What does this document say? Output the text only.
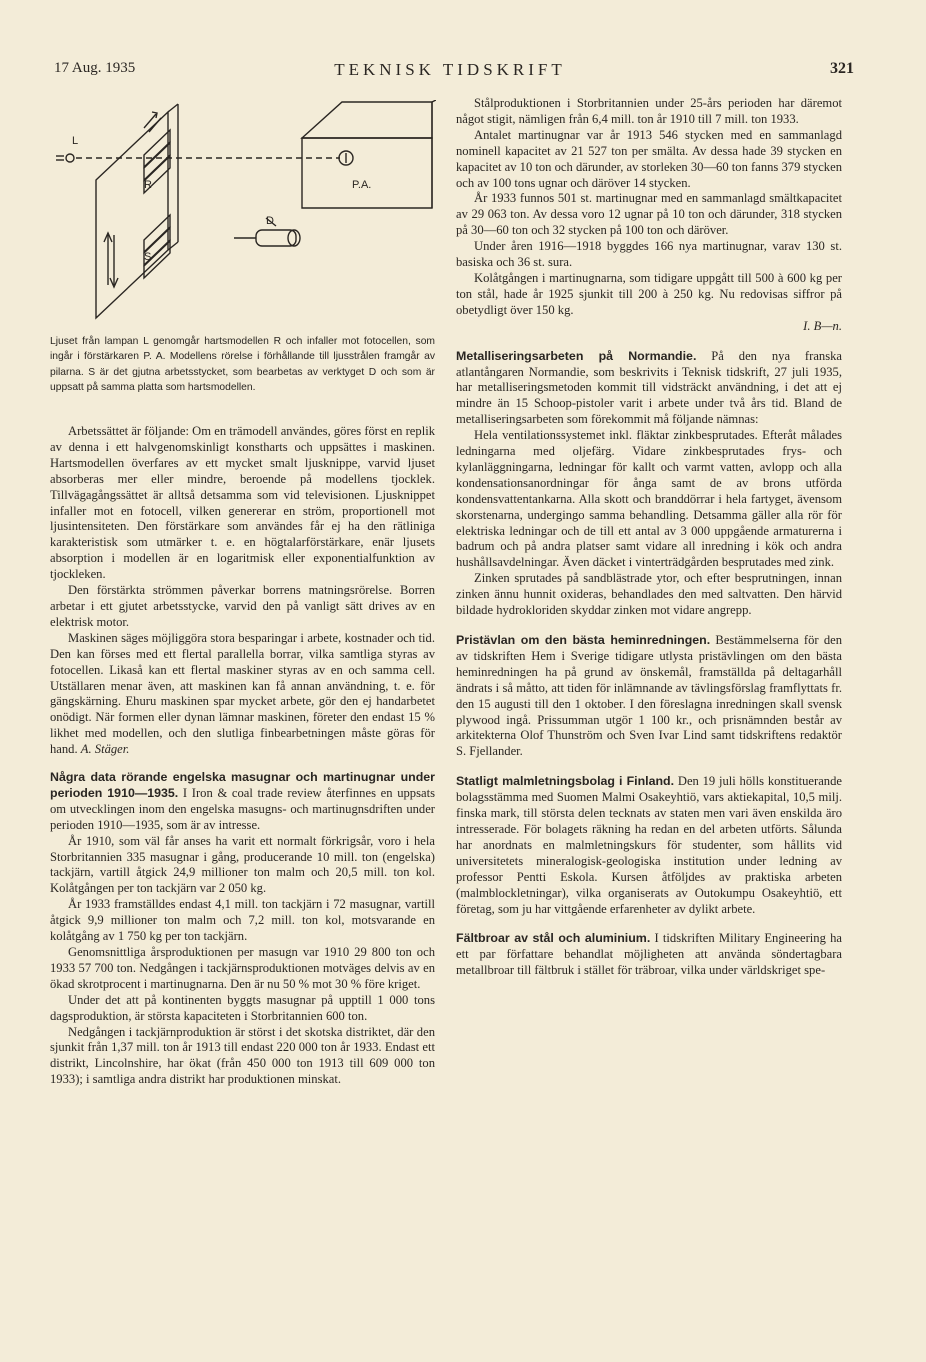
17 Aug. 1935	TEKNISK TIDSKRIFT	321
L
R
S
D
P.A.

Ljuset från lampan L genomgår hartsmodellen R och infaller mot fotocellen, som ingår i förstärkaren P. A. Modellens rörelse i förhållande till ljusstrålen framgår av pilarna. S är det gjutna arbetsstycket, som bearbetas av verktyget D och som är uppsatt på samma platta som hartsmodellen.

Arbetssättet är följande: Om en trämodell användes, göres först en replik av denna i ett halvgenomskinligt konstharts och uppsättes i maskinen. Hartsmodellen överfares av ett mycket smalt ljusknippe, varvid ljuset absorberas mer eller mindre, beroende på modellens tjocklek. Tillvägagångssättet är alltså detsamma som vid televisionen. Ljusknippet infaller mot en fotocell, vilken genererar en ström, proportionell mot ljusintensiteten. Den förstärkare som användes får ej ha den rätliniga karakteristisk som utmärker t. e. en högtalarförstärkare, enär ljusets absorption i modellen är en logaritmisk eller exponentialfunktion av tjockleken.

Den förstärkta strömmen påverkar borrens matningsrörelse. Borren arbetar i ett gjutet arbetsstycke, varvid den på vanligt sätt drives av en elektrisk motor.

Maskinen säges möjliggöra stora besparingar i arbete, kostnader och tid. Den kan förses med ett flertal parallella borrar, vilka samtliga styras av fotocellen. Likaså kan ett flertal maskiner styras av en och samma cell. Utställaren menar även, att maskinen kan få annan användning, t. e. för gängskärning. Ehuru maskinen spar mycket arbete, gör den ej handarbetet onödigt. När formen eller dynan lämnar maskinen, företer den endast 15 % likhet med modellen, och den slutliga finbearbetningen måste göras för hand. A. Stäger.

Några data rörande engelska masugnar och martinugnar under perioden 1910—1935. I Iron & coal trade review återfinnes en uppsats om utvecklingen inom den engelska masugns- och martinugnsdriften under perioden 1910—1935, som är av intresse.

År 1910, som väl får anses ha varit ett normalt förkrigsår, voro i hela Storbritannien 335 masugnar i gång, producerande 10 mill. ton (engelska) tackjärn, vartill åtgick 24,9 millioner ton malm och 20,5 mill. ton kol. Kolåtgången per ton tackjärn var 2 050 kg.

År 1933 framställdes endast 4,1 mill. ton tackjärn i 72 masugnar, vartill åtgick 9,9 millioner ton malm och 7,2 mill. ton kol, motsvarande en kolåtgång av 1 750 kg per ton tackjärn.

Genomsnittliga årsproduktionen per masugn var 1910 29 800 ton och 1933 57 700 ton. Nedgången i tackjärnsproduktionen motväges delvis av en ökad skrotprocent i martinugnarna. Den är nu 50 % mot 30 % före kriget.

Under det att på kontinenten byggts masugnar på upptill 1 000 tons dagsproduktion, är största kapaciteten i Storbritannien 600 ton.

Nedgången i tackjärnproduktion är störst i det skotska distriktet, där den sjunkit från 1,37 mill. ton år 1913 till endast 220 000 ton år 1933. Endast ett distrikt, Lincolnshire, har ökat (från 450 000 ton 1913 till 609 000 ton 1933); i samtliga andra distrikt har produktionen minskat.

Stålproduktionen i Storbritannien under 25-års perioden har däremot något stigit, nämligen från 6,4 mill. ton år 1910 till 7 mill. ton 1933.

Antalet martinugnar var år 1913 546 stycken med en sammanlagd nominell kapacitet av 21 527 ton per smälta. Av dessa hade 39 stycken en kapacitet av 10 ton och därunder, av storleken 30—60 ton fanns 379 stycken och av 100 tons ugnar och däröver 14 stycken.

År 1933 funnos 501 st. martinugnar med en sammanlagd smältkapacitet av 29 063 ton. Av dessa voro 12 ugnar på 10 ton och därunder, 318 stycken på 30—60 ton och 32 stycken på 100 ton och däröver.

Under åren 1916—1918 byggdes 166 nya martinugnar, varav 130 st. basiska och 36 st. sura.

Kolåtgången i martinugnarna, som tidigare uppgått till 500 à 600 kg per ton stål, hade år 1925 sjunkit till 200 à 250 kg. Nu redovisas siffror på obetydligt över 150 kg.

I. B—n.

Metalliseringsarbeten på Normandie. På den nya franska atlantångaren Normandie, som beskrivits i Teknisk tidskrift, 27 juli 1935, har metalliseringsmetoden kommit till vidsträckt användning, i det att ej mindre än 15 Schoop-pistoler varit i arbete under två års tid. Bland de metalliseringsarbeten som förekommit må följande nämnas:

Hela ventilationssystemet inkl. fläktar zinkbesprutades. Efteråt målades ledningarna med oljefärg. Vidare zinkbesprutades frys- och kylanläggningarna, ledningar för kallt och varmt vatten, avlopp och alla kondensationsanordningar för ånga samt de av brons utförda kondensvattentankarna. Alla skott och branddörrar i hela fartyget, ävensom skorstenarna, undergingo samma behandling. Detsamma gäller alla rör för elektriska ledningar och de till ett antal av 3 000 uppgående armaturerna i badrum och på andra platser samt vidare all inredning i kök och andra hushållsavdelningar. Även däcket i vinterträdgården besprutades med zink.

Zinken sprutades på sandblästrade ytor, och efter besprutningen, innan zinken ännu hunnit oxideras, behandlades den med saltvatten. Den härvid bildade hydrokloriden skyddar zinken mot vidare angrepp.

Pristävlan om den bästa heminredningen. Bestämmelserna för den av tidskriften Hem i Sverige tidigare utlysta pristävlingen om den bästa heminredningen ha på grund av önskemål, framställda på deltagarhåll ändrats i så måtto, att tiden för inlämnande av tävlingsförslag framflyttats fr. den 15 augusti till den 1 oktober. I den föreslagna inredningen skall svensk plywood ingå. Prissumman utgör 1 100 kr., och prisnämnden består av arkitekterna Olof Thunström och Sven Ivar Lind samt tidskriftens redaktör S. Fjellander.

Statligt malmletningsbolag i Finland. Den 19 juli hölls konstituerande bolagsstämma med Suomen Malmi Osakeyhtiö, vars aktiekapital, 10,5 milj. finska mark, till största delen tecknats av staten men vari även enskilda äro intresserade. För bolagets räkning ha redan en del arbeten utförts. Sålunda har anordnats en malmletningskurs för studenter, som hållits vid universitetets mineralogisk-geologiska institution under ledning av professor Pentti Eskola. Kursen åtföljdes av praktiska arbeten (malmblockletningar), vilka organiserats av Outokumpu Osakeyhtiö, ett företag, som ju har vittgående erfarenheter av dylikt arbete.

Fältbroar av stål och aluminium. I tidskriften Military Engineering ha ett par författare behandlat möjligheten att använda söndertagbara metallbroar till fältbruk i stället för träbroar, vilka under världskriget spe-
